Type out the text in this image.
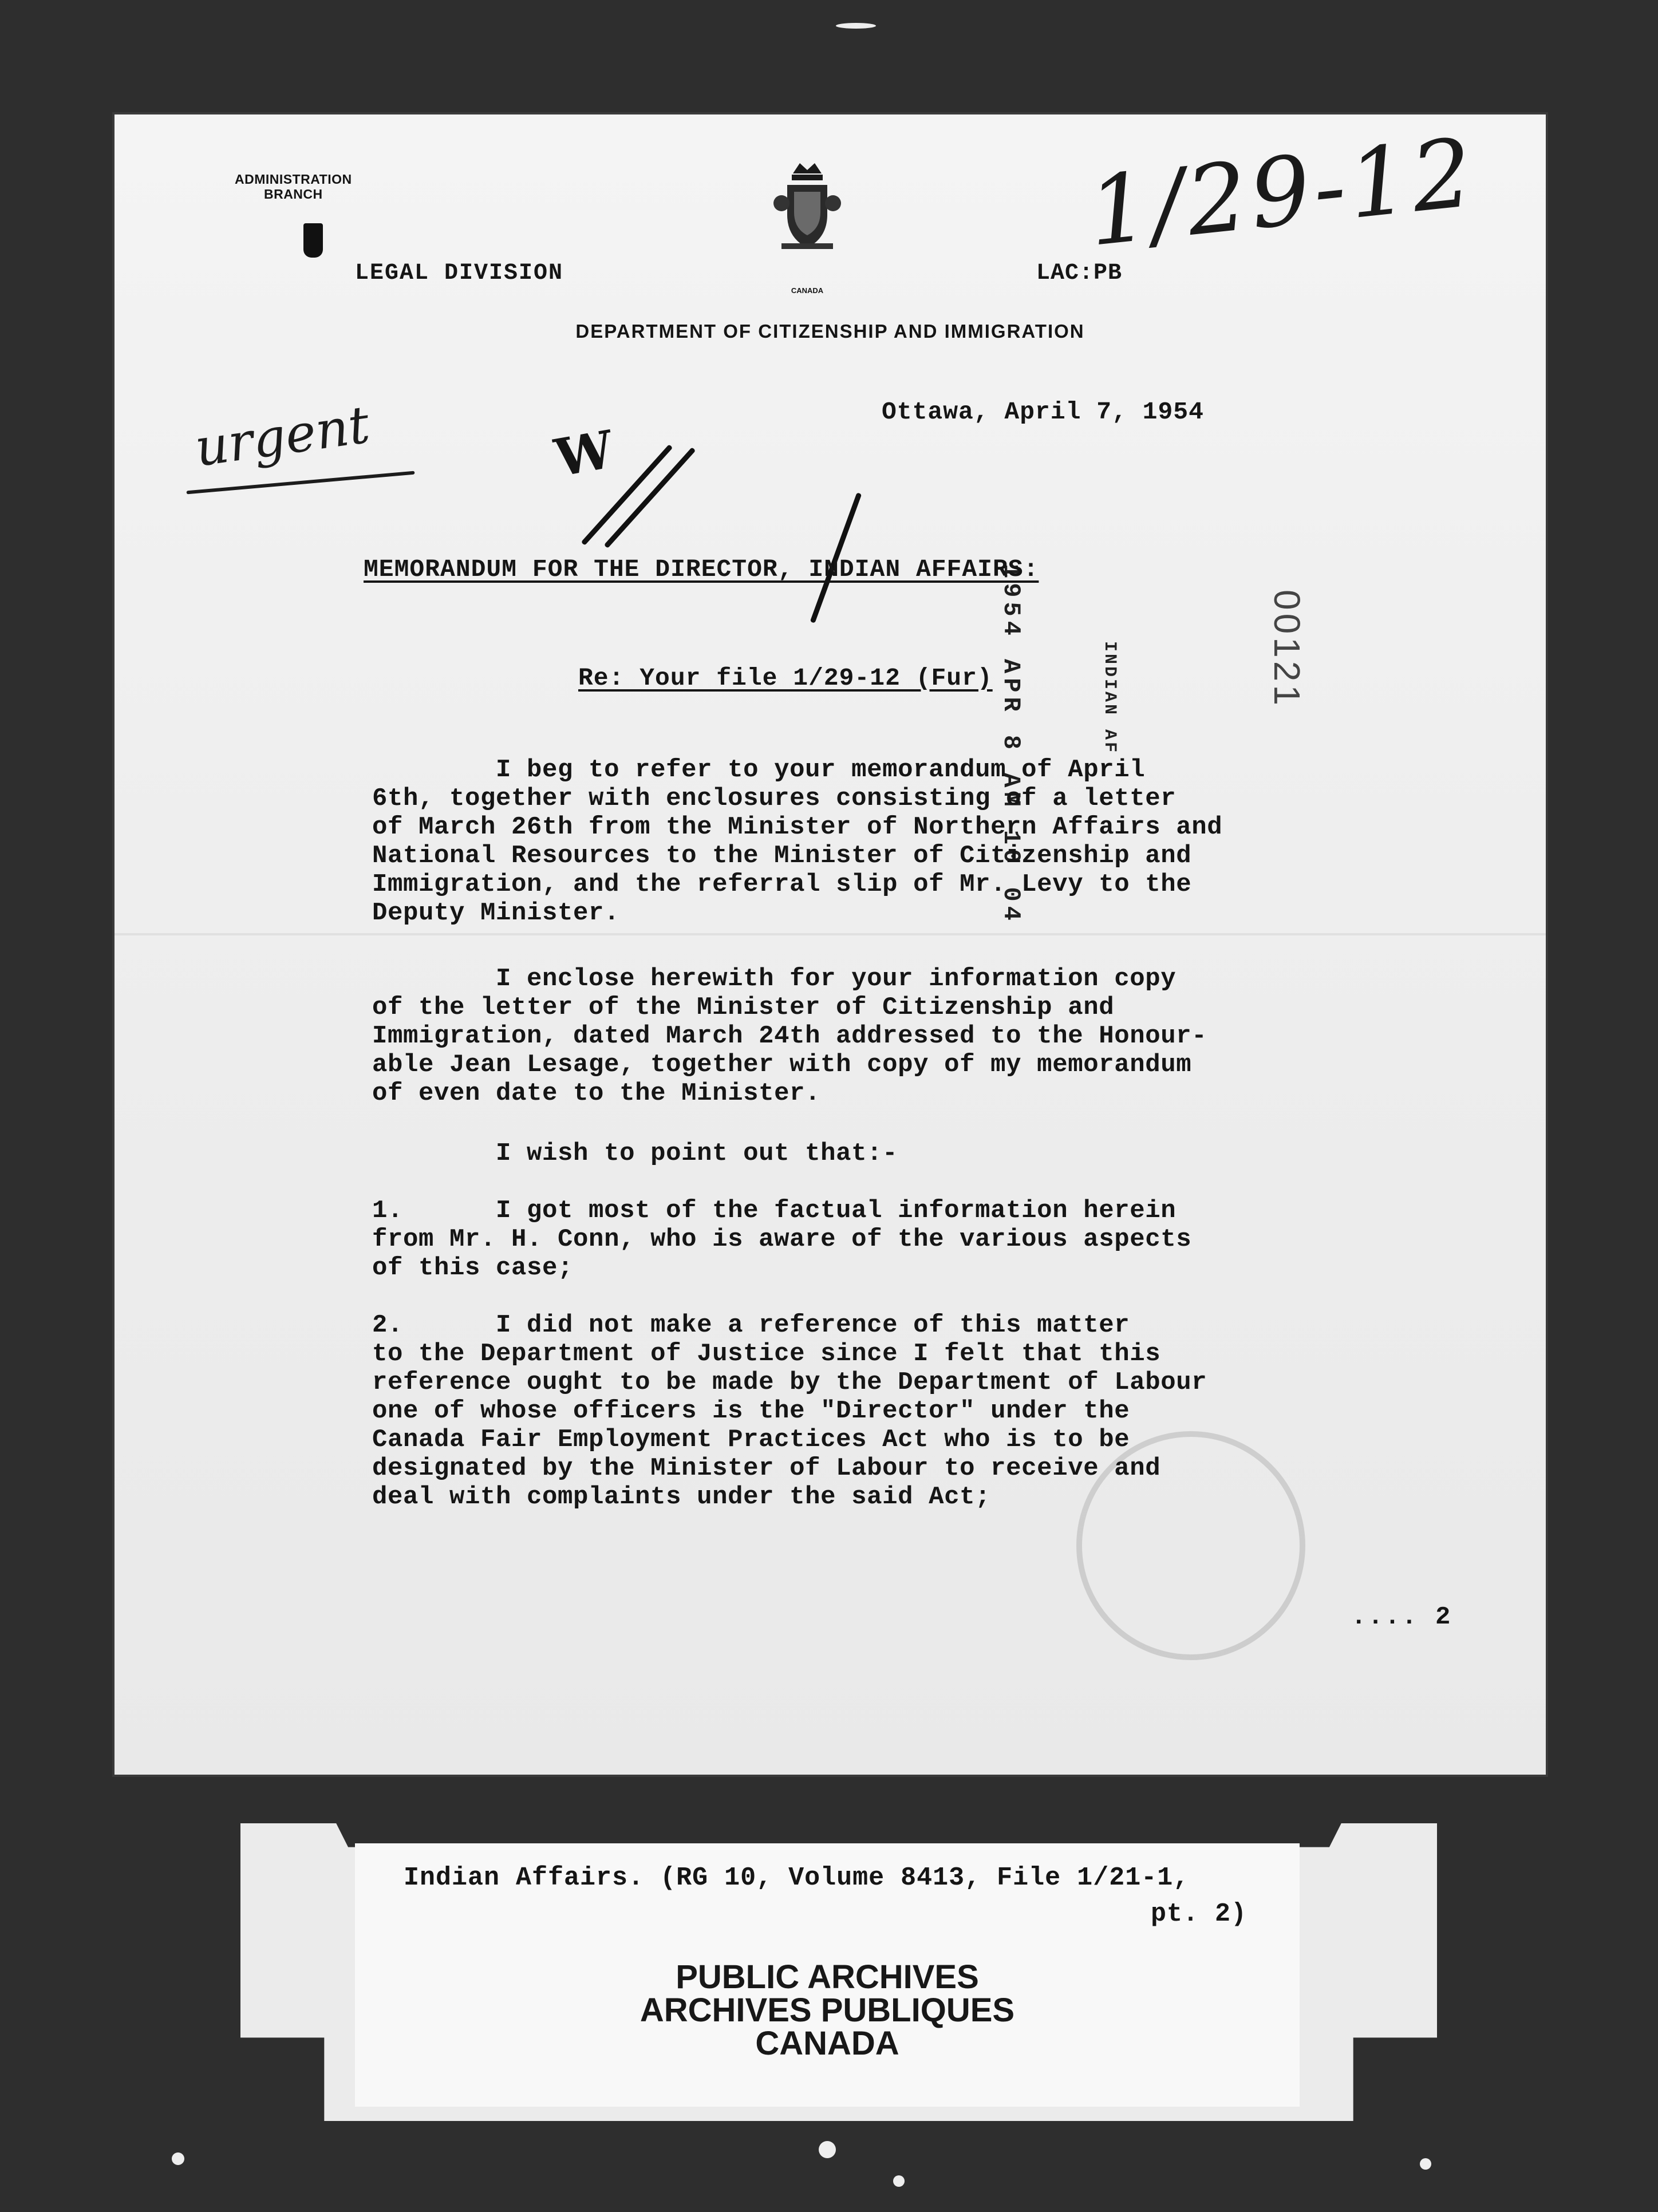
ADMINISTRATION
BRANCH
LEGAL DIVISION
CANADA
LAC:PB
1/29-12
DEPARTMENT OF CITIZENSHIP AND IMMIGRATION
urgent	W
Ottawa, April 7, 1954
1954 APR 8 AM 10 04	INDIAN AF	00121
MEMORANDUM FOR THE DIRECTOR, INDIAN AFFAIRS:
Re: Your file 1/29-12 (Fur)
I beg to refer to your memorandum of April
6th, together with enclosures consisting of a letter
of March 26th from the Minister of Northern Affairs and
National Resources to the Minister of Citizenship and
Immigration, and the referral slip of Mr. Levy to the
Deputy Minister.
I enclose herewith for your information copy
of the letter of the Minister of Citizenship and
Immigration, dated March 24th addressed to the Honour-
able Jean Lesage, together with copy of my memorandum
of even date to the Minister.
I wish to point out that:-
1.      I got most of the factual information herein
from Mr. H. Conn, who is aware of the various aspects
of this case;
2.      I did not make a reference of this matter
to the Department of Justice since I felt that this
reference ought to be made by the Department of Labour
one of whose officers is the "Director" under the
Canada Fair Employment Practices Act who is to be
designated by the Minister of Labour to receive and
deal with complaints under the said Act;
.... 2
Indian Affairs. (RG 10, Volume 8413, File 1/21-1,
pt. 2)
PUBLIC ARCHIVES
ARCHIVES PUBLIQUES
CANADA
